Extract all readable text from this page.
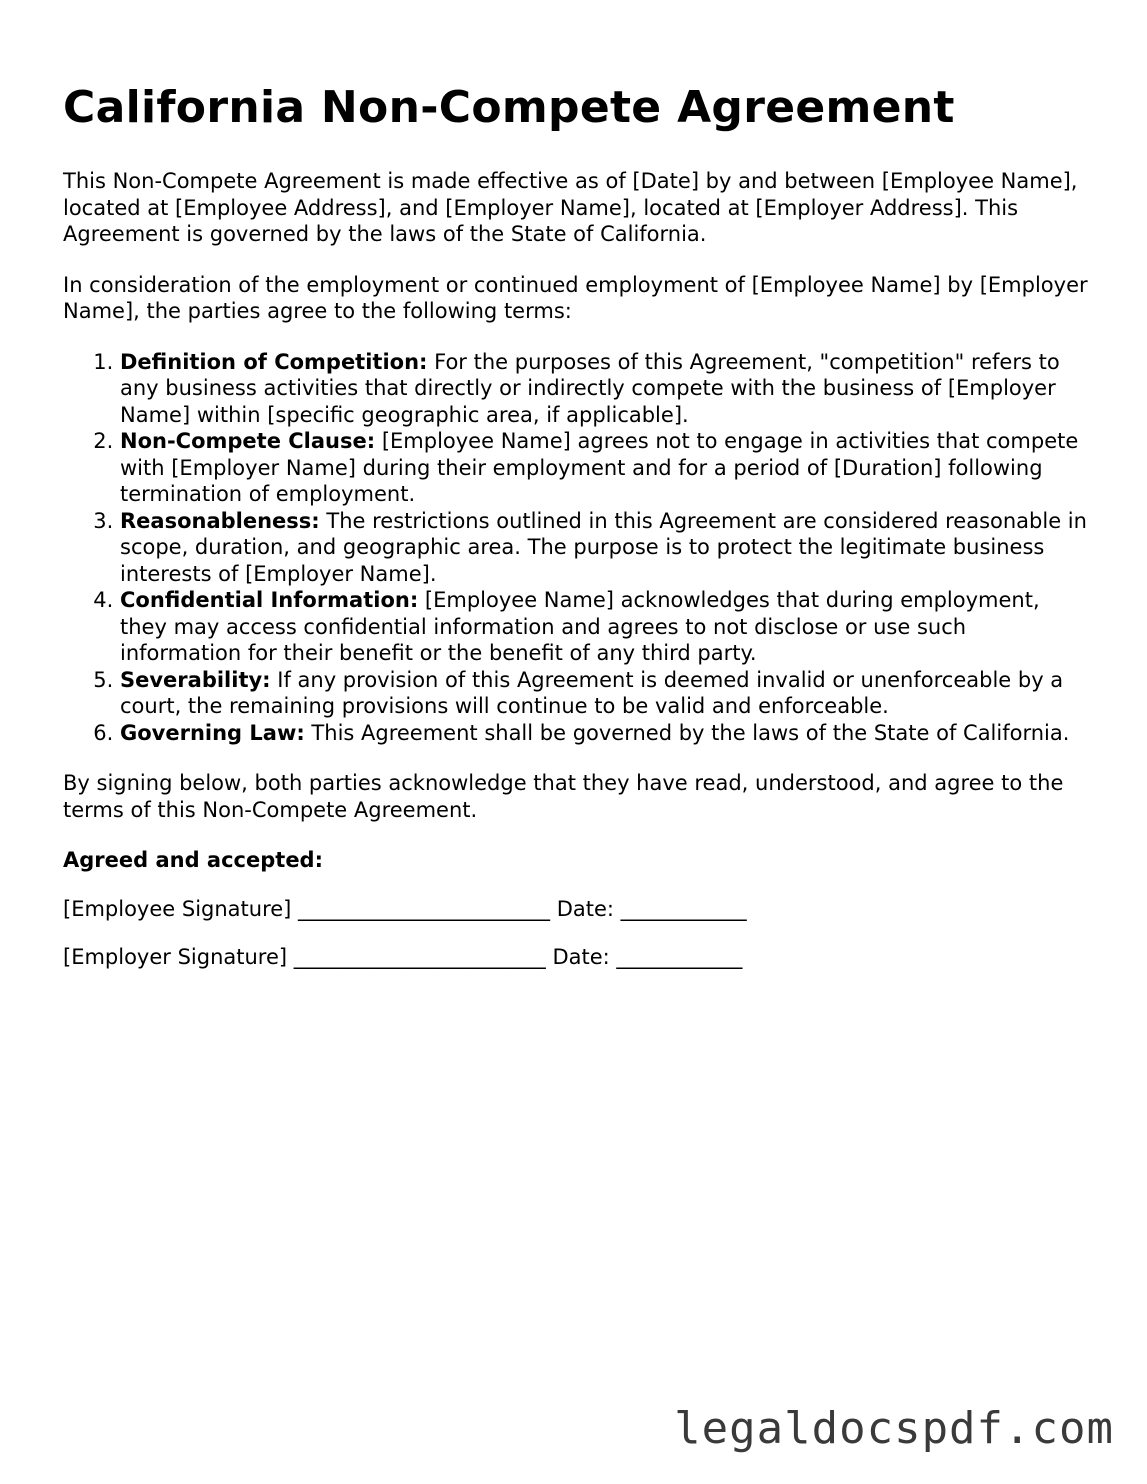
California Non-Compete Agreement

This Non-Compete Agreement is made effective as of [Date] by and between [Employee Name], located at [Employee Address], and [Employer Name], located at [Employer Address]. This Agreement is governed by the laws of the State of California.

In consideration of the employment or continued employment of [Employee Name] by [Employer Name], the parties agree to the following terms:

1. Definition of Competition: For the purposes of this Agreement, "competition" refers to any business activities that directly or indirectly compete with the business of [Employer Name] within [specific geographic area, if applicable].
2. Non-Compete Clause: [Employee Name] agrees not to engage in activities that compete with [Employer Name] during their employment and for a period of [Duration] following termination of employment.
3. Reasonableness: The restrictions outlined in this Agreement are considered reasonable in scope, duration, and geographic area. The purpose is to protect the legitimate business interests of [Employer Name].
4. Confidential Information: [Employee Name] acknowledges that during employment, they may access confidential information and agrees to not disclose or use such information for their benefit or the benefit of any third party.
5. Severability: If any provision of this Agreement is deemed invalid or unenforceable by a court, the remaining provisions will continue to be valid and enforceable.
6. Governing Law: This Agreement shall be governed by the laws of the State of California.

By signing below, both parties acknowledge that they have read, understood, and agree to the terms of this Non-Compete Agreement.

Agreed and accepted:

[Employee Signature] ________________________ Date: ____________
[Employer Signature] ________________________ Date: ____________
legaldocspdf.com
